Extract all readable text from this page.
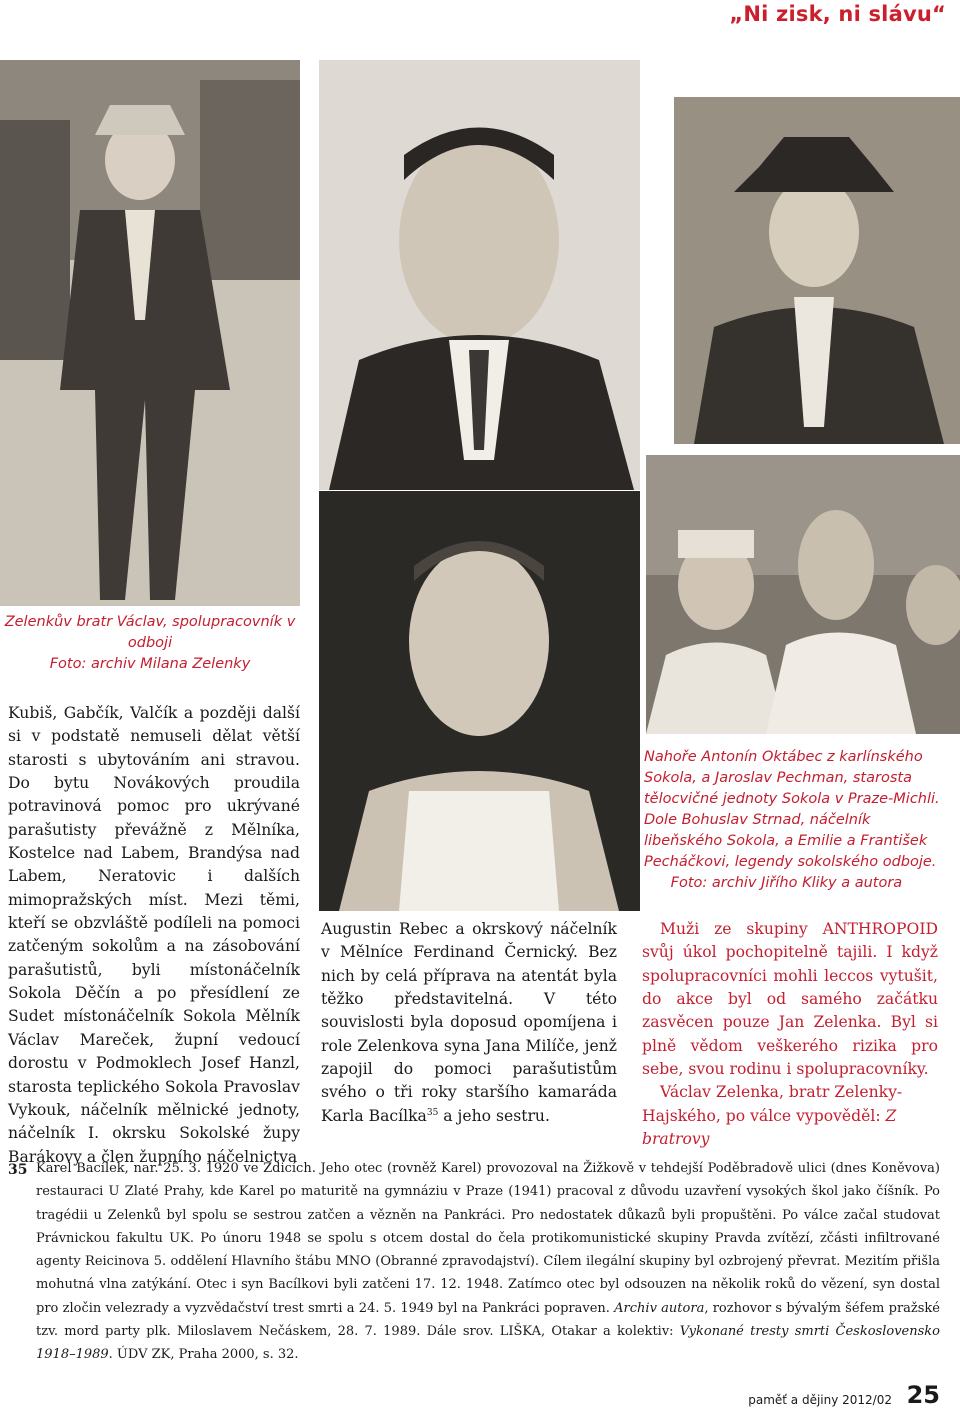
„Ni zisk, ni slávu“
Zelenkův bratr Václav, spolupracovník v odboji
Foto: archiv Milana Zelenky
Nahoře Antonín Oktábec z karlínského Sokola, a Jaroslav Pechman, starosta tělocvičné jednoty Sokola v Praze-Michli. Dole Bohuslav Strnad, náčelník libeňského Sokola, a Emilie a František Pecháčkovi, legendy sokolského odboje.  Foto: archiv Jiřího Kliky a autora

Kubiš, Gabčík, Valčík a později další si v podstatě nemuseli dělat větší starosti s ubytováním ani stravou. Do bytu Novákových proudila potravinová pomoc pro ukrývané parašutisty převážně z Mělníka, Kostelce nad Labem, Brandýsa nad Labem, Neratovic i dalších mimopražských míst. Mezi těmi, kteří se obzvláště podíleli na pomoci zatčeným sokolům a na zásobování parašutistů, byli místonáčelník Sokola Děčín a po přesídlení ze Sudet místonáčelník Sokola Mělník Václav Mareček, župní vedoucí dorostu v Podmoklech Josef Hanzl, starosta teplického Sokola Pravoslav Vykouk, náčelník mělnické jednoty, náčelník I. okrsku Sokolské župy Barákovy a člen župního náčelnictva

Augustin Rebec a okrskový náčelník v Mělníce Ferdinand Černický. Bez nich by celá příprava na atentát byla těžko představitelná. V této souvislosti byla doposud opomíjena i role Zelenkova syna Jana Milíče, jenž zapojil do pomoci parašutistům svého o tři roky staršího kamaráda Karla Bacílka$^{35}$ a jeho sestru.

Muži ze skupiny ANTHROPOID svůj úkol pochopitelně tajili. I když spolupracovníci mohli leccos vytušit, do akce byl od samého začátku zasvěcen pouze Jan Zelenka. Byl si plně vědom veškerého rizika pro sebe, svou rodinu i spolupracovníky.

Václav Zelenka, bratr Zelenky-Hajského, po válce vypověděl: Z bratrovy

35 Karel Bacílek, nar. 25. 3. 1920 ve Zdicích. Jeho otec (rovněž Karel) provozoval na Žižkově v tehdejší Poděbradově ulici (dnes Koněvova) restauraci U Zlaté Prahy, kde Karel po maturitě na gymnáziu v Praze (1941) pracoval z důvodu uzavření vysokých škol jako číšník. Po tragédii u Zelenků byl spolu se sestrou zatčen a vězněn na Pankráci. Pro nedostatek důkazů byli propuštěni. Po válce začal studovat Právnickou fakultu UK. Po únoru 1948 se spolu s otcem dostal do čela protikomunistické skupiny Pravda zvítězí, zčásti infiltrované agenty Reicinova 5. oddělení Hlavního štábu MNO (Obranné zpravodajství). Cílem ilegální skupiny byl ozbrojený převrat. Mezitím přišla mohutná vlna zatýkání. Otec i syn Bacílkovi byli zatčeni 17. 12. 1948. Zatímco otec byl odsouzen na několik roků do vězení, syn dostal pro zločin velezrady a vyzvědačství trest smrti a 24. 5. 1949 byl na Pankráci popraven. Archiv autora, rozhovor s bývalým šéfem pražské tzv. mord party plk. Miloslavem Nečáskem, 28. 7. 1989. Dále srov. LIŠKA, Otakar a kolektiv: Vykonané tresty smrti Československo 1918–1989. ÚDV ZK, Praha 2000, s. 32.
paměť a dějiny 2012/02 25
